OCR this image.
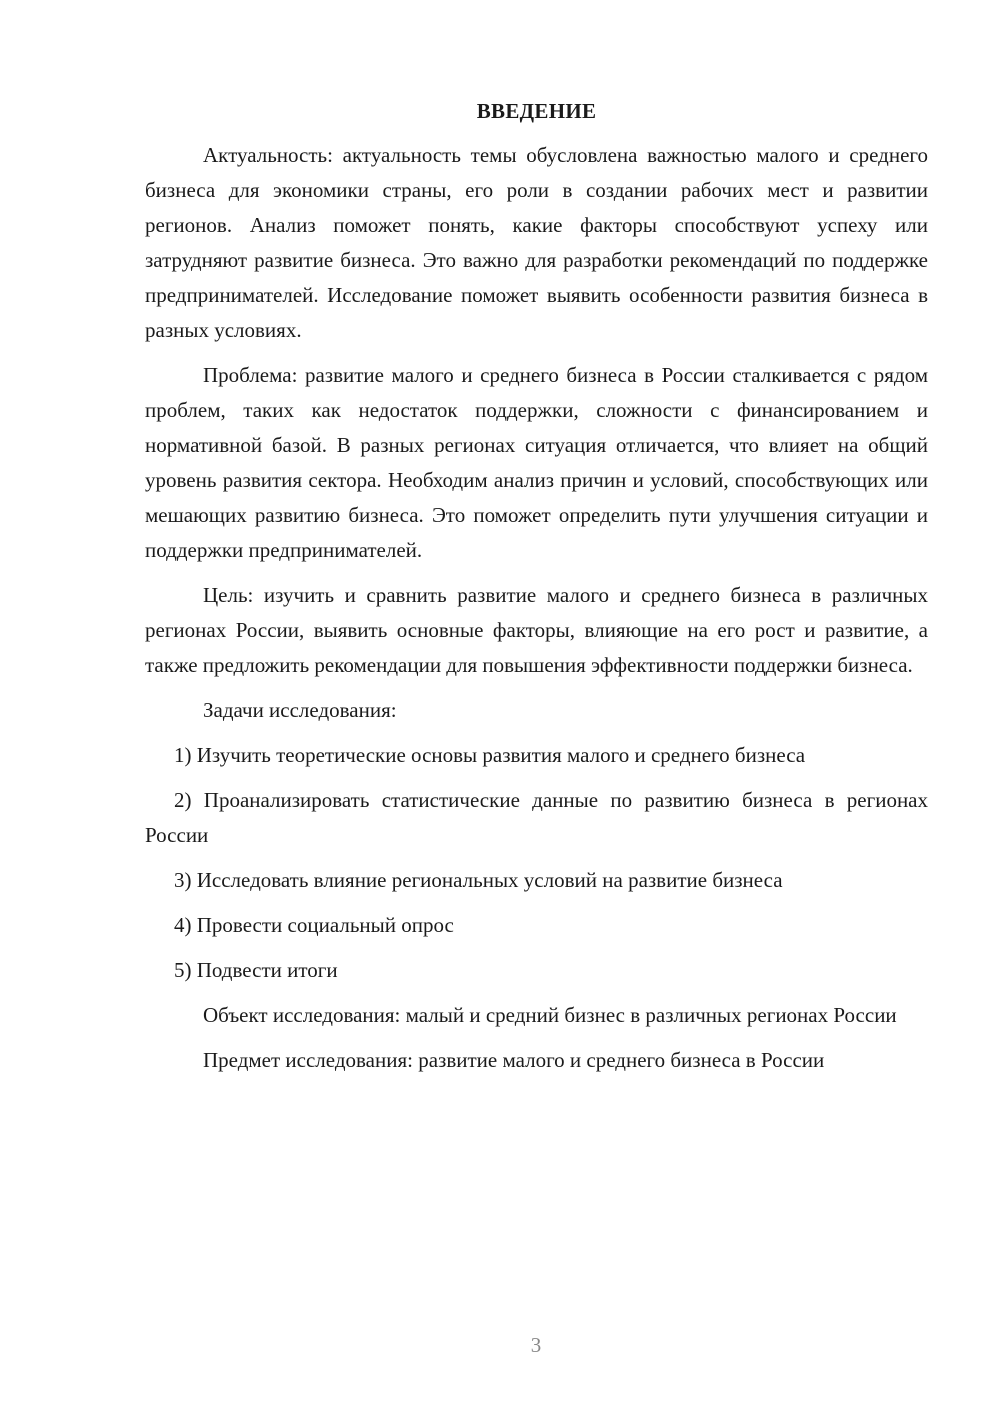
ВВЕДЕНИЕ

Актуальность: актуальность темы обусловлена важностью малого и среднего бизнеса для экономики страны, его роли в создании рабочих мест и развитии регионов. Анализ поможет понять, какие факторы способствуют успеху или затрудняют развитие бизнеса. Это важно для разработки рекомендаций по поддержке предпринимателей. Исследование поможет выявить особенности развития бизнеса в разных условиях.

Проблема: развитие малого и среднего бизнеса в России сталкивается с рядом проблем, таких как недостаток поддержки, сложности с финансированием и нормативной базой. В разных регионах ситуация отличается, что влияет на общий уровень развития сектора. Необходим анализ причин и условий, способствующих или мешающих развитию бизнеса. Это поможет определить пути улучшения ситуации и поддержки предпринимателей.

Цель: изучить и сравнить развитие малого и среднего бизнеса в различных регионах России, выявить основные факторы, влияющие на его рост и развитие, а также предложить рекомендации для повышения эффективности поддержки бизнеса.

Задачи исследования:

1) Изучить теоретические основы развития малого и среднего бизнеса

2) Проанализировать статистические данные по развитию бизнеса в регионах России

3) Исследовать влияние региональных условий на развитие бизнеса

4) Провести социальный опрос

5) Подвести итоги

Объект исследования: малый и средний бизнес в различных регионах России

Предмет исследования: развитие малого и среднего бизнеса в России

3
